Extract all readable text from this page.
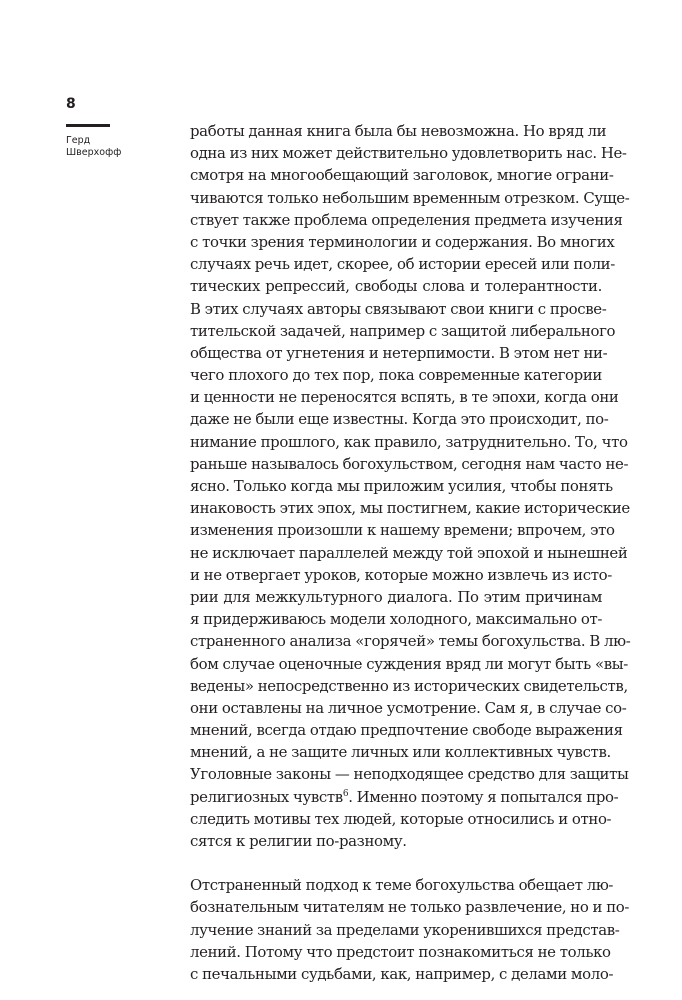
8
Герд
Шверхофф
работы данная книга была бы невозможна. Но вряд ли
одна из них может действительно удовлетворить нас. Не-
смотря на многообещающий заголовок, многие ограни-
чиваются только небольшим временным отрезком. Суще-
ствует также проблема определения предмета изучения
с точки зрения терминологии и содержания. Во многих
случаях речь идет, скорее, об истории ересей или поли-
тических репрессий, свободы слова и толерантности.
В этих случаях авторы связывают свои книги с просве-
тительской задачей, например с защитой либерального
общества от угнетения и нетерпимости. В этом нет ни-
чего плохого до тех пор, пока современные категории
и ценности не переносятся вспять, в те эпохи, когда они
даже не были еще известны. Когда это происходит, по-
нимание прошлого, как правило, затруднительно. То, что
раньше называлось богохульством, сегодня нам часто не-
ясно. Только когда мы приложим усилия, чтобы понять
инаковость этих эпох, мы постигнем, какие исторические
изменения произошли к нашему времени; впрочем, это
не исключает параллелей между той эпохой и нынешней
и не отвергает уроков, которые можно извлечь из исто-
рии для межкультурного диалога. По этим причинам
я придерживаюсь модели холодного, максимально от-
страненного анализа «горячей» темы богохульства. В лю-
бом случае оценочные суждения вряд ли могут быть «вы-
ведены» непосредственно из исторических свидетельств,
они оставлены на личное усмотрение. Сам я, в случае со-
мнений, всегда отдаю предпочтение свободе выражения
мнений, а не защите личных или коллективных чувств.
Уголовные законы — неподходящее средство для защиты
религиозных чувств$^6$. Именно поэтому я попытался про-
следить мотивы тех людей, которые относились и отно-
сятся к религии по-разному.
Отстраненный подход к теме богохульства обещает лю-
бознательным читателям не только развлечение, но и по-
лучение знаний за пределами укоренившихся представ-
лений. Потому что предстоит познакомиться не только
с печальными судьбами, как, например, с делами моло-
